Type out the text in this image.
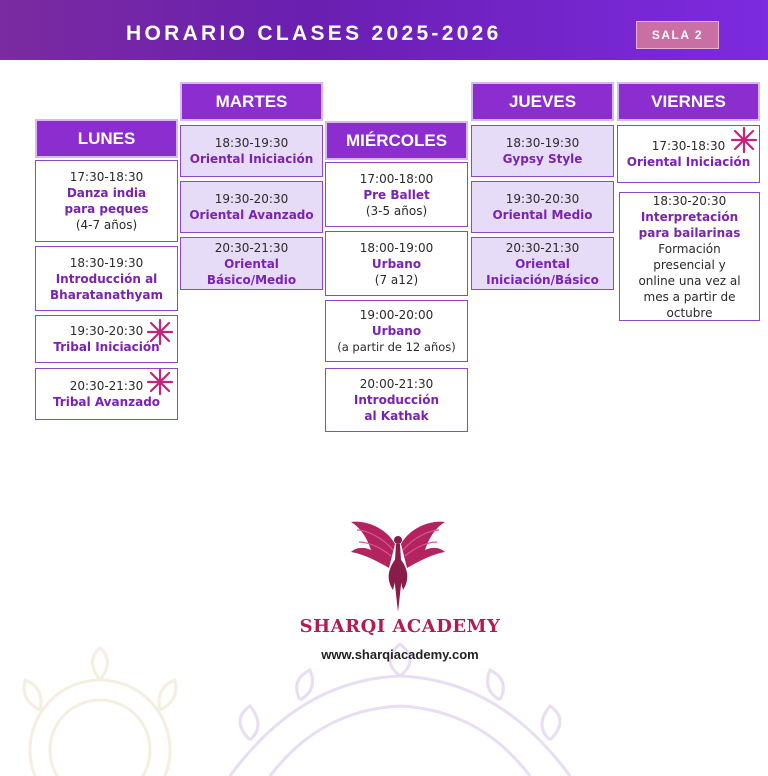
HORARIO CLASES 2025-2026	SALA 2
LUNES
MARTES
MIÉRCOLES
JUEVES	VIERNES
17:30-18:30
Danza india para peques
(4-7 años)
18:30-19:30
Introducción al Bharatanathyam
19:30-20:30
Tribal Iniciación
20:30-21:30
Tribal Avanzado
18:30-19:30
Oriental Iniciación
19:30-20:30
Oriental Avanzado
20:30-21:30
Oriental Básico/Medio
17:00-18:00
Pre Ballet
(3-5 años)
18:00-19:00
Urbano
(7 a12)
19:00-20:00
Urbano
(a partir de 12 años)
20:00-21:30
Introducción al Kathak
18:30-19:30
Gypsy Style
19:30-20:30
Oriental Medio
20:30-21:30
Oriental Iniciación/Básico
17:30-18:30
Oriental Iniciación
18:30-20:30
Interpretación para bailarinas
Formación presencial y online una vez al mes a partir de octubre
SHARQI ACADEMY
www.sharqiacademy.com
